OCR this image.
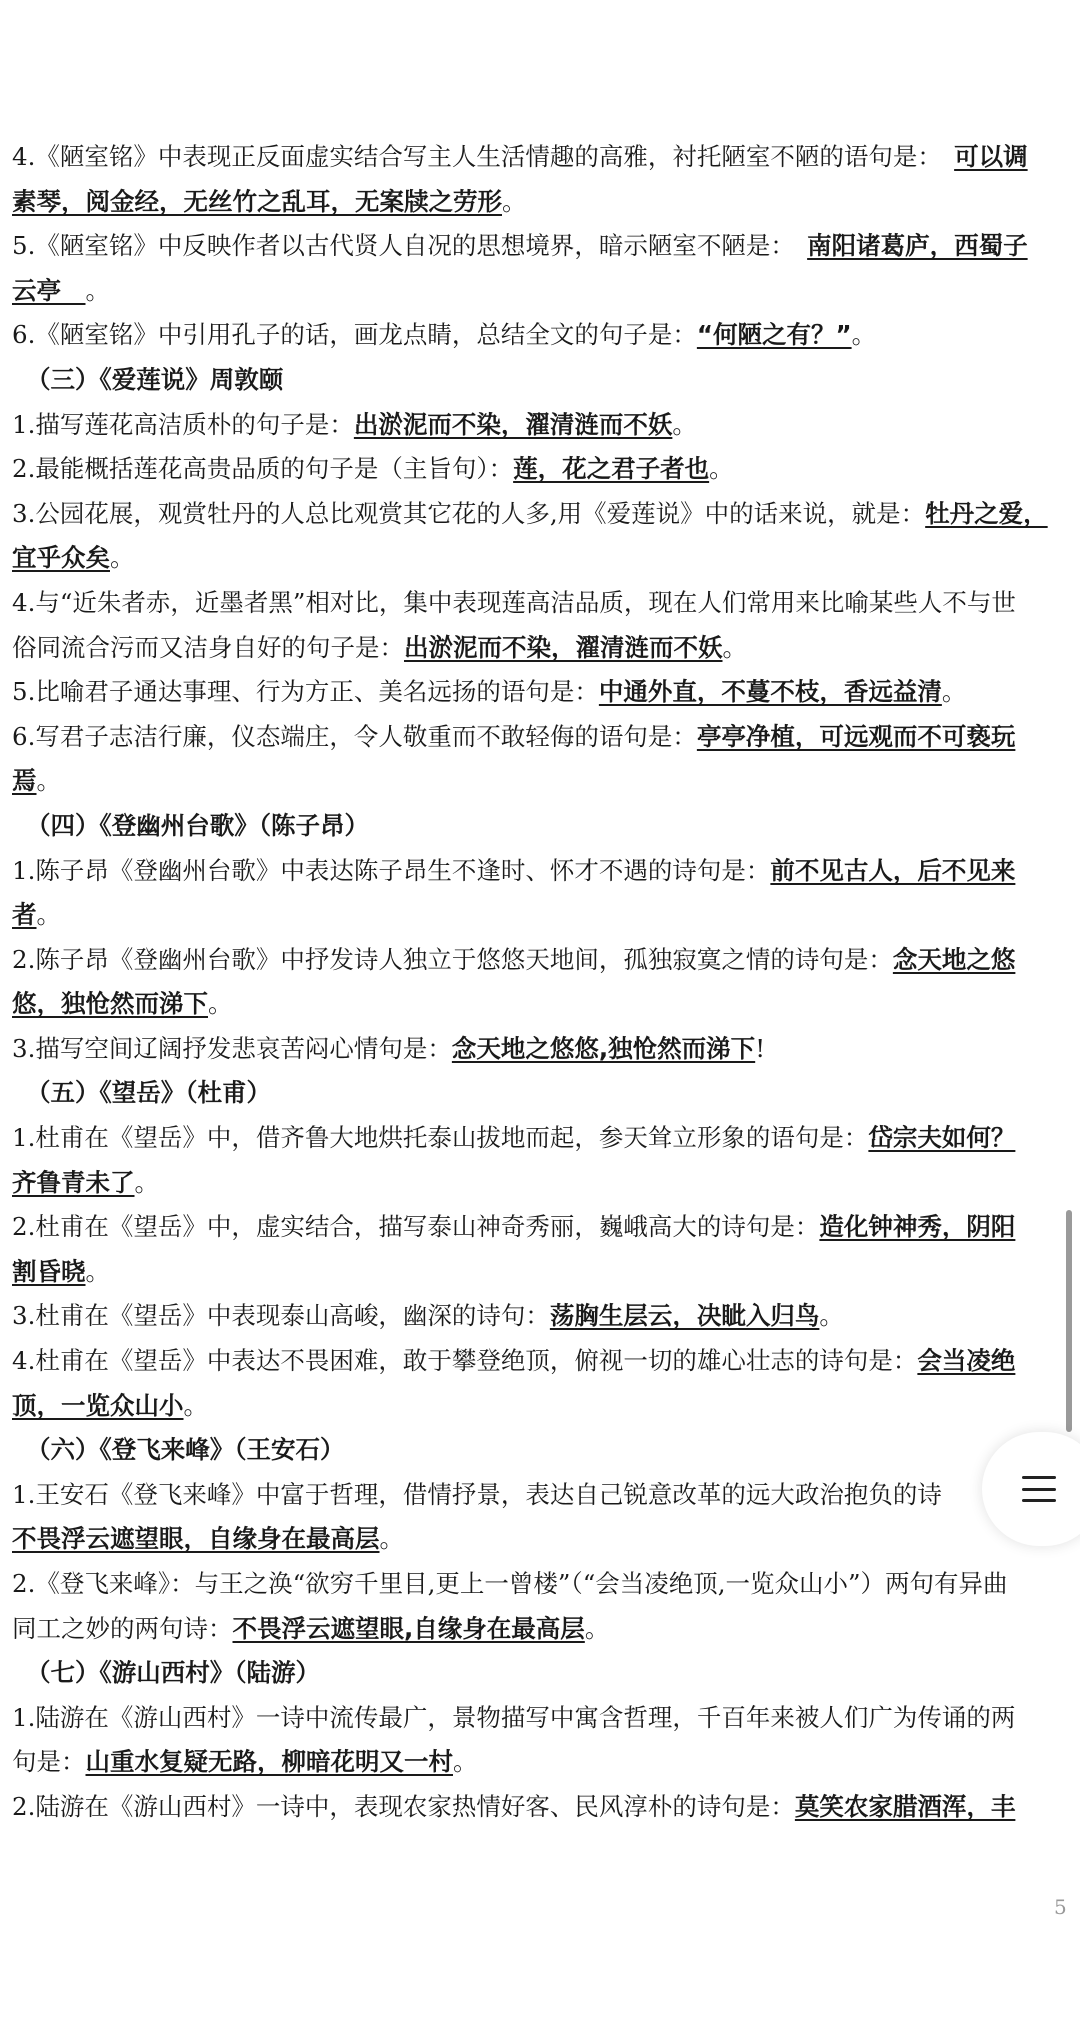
4.《陋室铭》中表现正反面虚实结合写主人生活情趣的高雅，衬托陋室不陋的语句是：　可以调

素琴，阅金经，无丝竹之乱耳，无案牍之劳形。

5.《陋室铭》中反映作者以古代贤人自况的思想境界，暗示陋室不陋是：　南阳诸葛庐，西蜀子

云亭　。

6.《陋室铭》中引用孔子的话，画龙点睛，总结全文的句子是：“何陋之有？”。

（三）《爱莲说》周敦颐

1.描写莲花高洁质朴的句子是：出淤泥而不染，濯清涟而不妖。

2.最能概括莲花高贵品质的句子是（主旨句）：莲，花之君子者也。

3.公园花展，观赏牡丹的人总比观赏其它花的人多,用《爱莲说》中的话来说，就是：牡丹之爱，

宜乎众矣。

4.与“近朱者赤，近墨者黑”相对比，集中表现莲高洁品质，现在人们常用来比喻某些人不与世

俗同流合污而又洁身自好的句子是：出淤泥而不染，濯清涟而不妖。

5.比喻君子通达事理、行为方正、美名远扬的语句是：中通外直，不蔓不枝，香远益清。

6.写君子志洁行廉，仪态端庄，令人敬重而不敢轻侮的语句是：亭亭净植，可远观而不可亵玩

焉。

（四）《登幽州台歌》（陈子昂）

1.陈子昂《登幽州台歌》中表达陈子昂生不逢时、怀才不遇的诗句是：前不见古人，后不见来

者。

2.陈子昂《登幽州台歌》中抒发诗人独立于悠悠天地间，孤独寂寞之情的诗句是：念天地之悠

悠，独怆然而涕下。

3.描写空间辽阔抒发悲哀苦闷心情句是：念天地之悠悠,独怆然而涕下!

（五）《望岳》（杜甫）

1.杜甫在《望岳》中，借齐鲁大地烘托泰山拔地而起，参天耸立形象的语句是：岱宗夫如何？

齐鲁青未了。

2.杜甫在《望岳》中，虚实结合，描写泰山神奇秀丽，巍峨高大的诗句是：造化钟神秀，阴阳

割昏晓。

3.杜甫在《望岳》中表现泰山高峻，幽深的诗句：荡胸生层云，决眦入归鸟。

4.杜甫在《望岳》中表达不畏困难，敢于攀登绝顶，俯视一切的雄心壮志的诗句是：会当凌绝

顶，一览众山小。

（六）《登飞来峰》（王安石）

1.王安石《登飞来峰》中富于哲理，借情抒景，表达自己锐意改革的远大政治抱负的诗

不畏浮云遮望眼，自缘身在最高层。

2.《登飞来峰》：与王之涣“欲穷千里目,更上一曾楼”（“会当凌绝顶,一览众山小”）两句有异曲

同工之妙的两句诗：不畏浮云遮望眼,自缘身在最高层。

（七）《游山西村》（陆游）

1.陆游在《游山西村》一诗中流传最广，景物描写中寓含哲理，千百年来被人们广为传诵的两

句是：山重水复疑无路，柳暗花明又一村。

2.陆游在《游山西村》一诗中，表现农家热情好客、民风淳朴的诗句是：莫笑农家腊酒浑，丰

5
